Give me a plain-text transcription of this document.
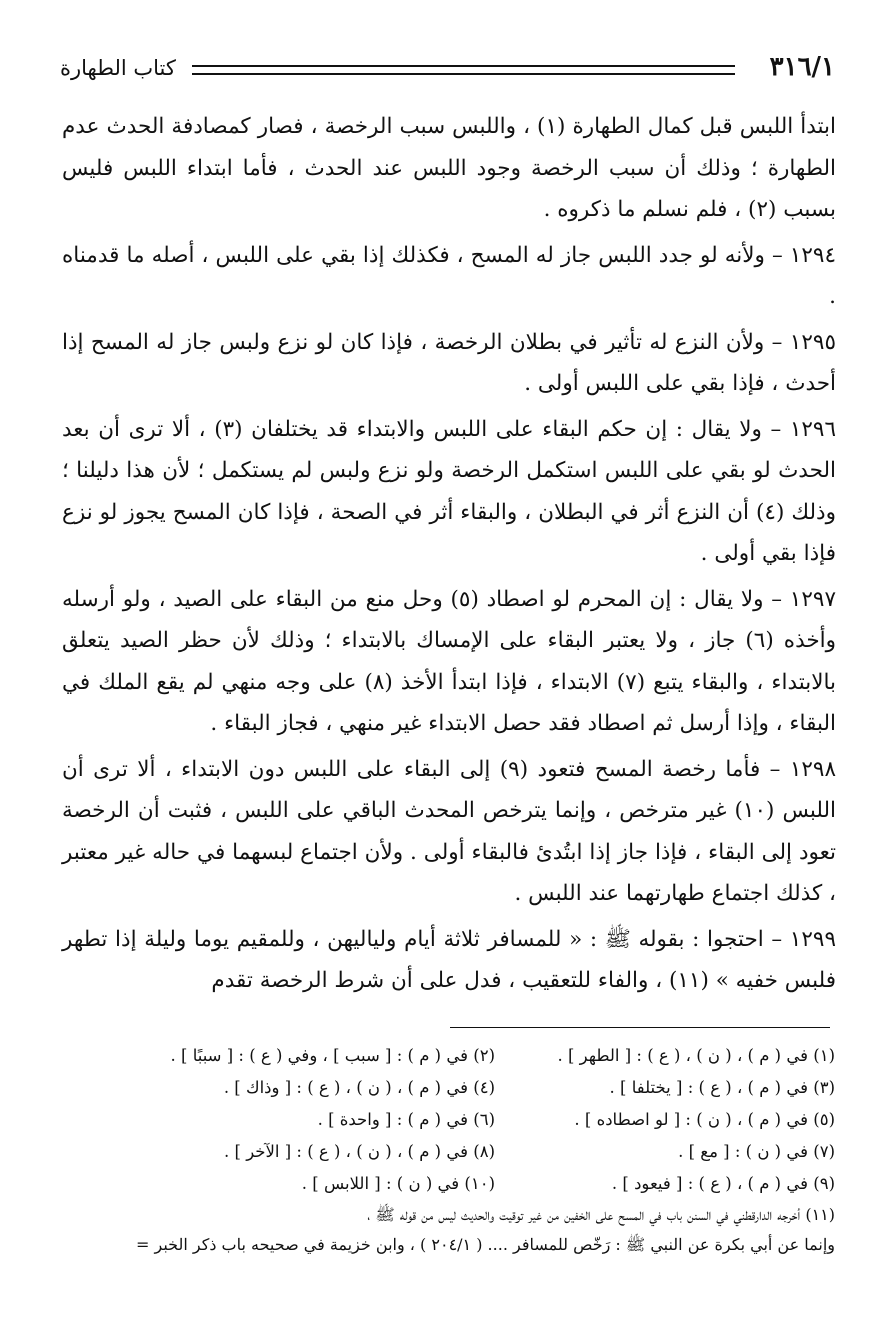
٣١٦/١
كتاب الطهارة

ابتدأ اللبس قبل كمال الطهارة (١) ، واللبس سبب الرخصة ، فصار كمصادفة الحدث عدم الطهارة ؛ وذلك أن سبب الرخصة وجود اللبس عند الحدث ، فأما ابتداء اللبس فليس بسبب (٢) ، فلم نسلم ما ذكروه .

١٢٩٤ – ولأنه لو جدد اللبس جاز له المسح ، فكذلك إذا بقي على اللبس ، أصله ما قدمناه .

١٢٩٥ – ولأن النزع له تأثير في بطلان الرخصة ، فإذا كان لو نزع ولبس جاز له المسح إذا أحدث ، فإذا بقي على اللبس أولى .

١٢٩٦ – ولا يقال : إن حكم البقاء على اللبس والابتداء قد يختلفان (٣) ، ألا ترى أن بعد الحدث لو بقي على اللبس استكمل الرخصة ولو نزع ولبس لم يستكمل ؛ لأن هذا دليلنا ؛ وذلك (٤) أن النزع أثر في البطلان ، والبقاء أثر في الصحة ، فإذا كان المسح يجوز لو نزع فإذا بقي أولى .

١٢٩٧ – ولا يقال : إن المحرم لو اصطاد (٥) وحل منع من البقاء على الصيد ، ولو أرسله وأخذه (٦) جاز ، ولا يعتبر البقاء على الإمساك بالابتداء ؛ وذلك لأن حظر الصيد يتعلق بالابتداء ، والبقاء يتبع (٧) الابتداء ، فإذا ابتدأ الأخذ (٨) على وجه منهي لم يقع الملك في البقاء ، وإذا أرسل ثم اصطاد فقد حصل الابتداء غير منهي ، فجاز البقاء .

١٢٩٨ – فأما رخصة المسح فتعود (٩) إلى البقاء على اللبس دون الابتداء ، ألا ترى أن اللبس (١٠) غير مترخص ، وإنما يترخص المحدث الباقي على اللبس ، فثبت أن الرخصة تعود إلى البقاء ، فإذا جاز إذا ابتُدئ فالبقاء أولى . ولأن اجتماع لبسهما في حاله غير معتبر ، كذلك اجتماع طهارتهما عند اللبس .

١٢٩٩ – احتجوا : بقوله ﷺ : « للمسافر ثلاثة أيام ولياليهن ، وللمقيم يوما وليلة إذا تطهر فلبس خفيه » (١١) ، والفاء للتعقيب ، فدل على أن شرط الرخصة تقدم

(١) في ( م ) ، ( ن ) ، ( ع ) : [ الطهر ] .
(٢) في ( م ) : [ سبب ] ، وفي ( ع ) : [ سببًا ] .
(٣) في ( م ) ، ( ع ) : [ يختلفا ] .
(٤) في ( م ) ، ( ن ) ، ( ع ) : [ وذاك ] .
(٥) في ( م ) ، ( ن ) : [ لو اصطاده ] .
(٦) في ( م ) : [ واحدة ] .
(٧) في ( ن ) : [ مع ] .
(٨) في ( م ) ، ( ن ) ، ( ع ) : [ الآخر ] .
(٩) في ( م ) ، ( ع ) : [ فيعود ] .
(١٠) في ( ن ) : [ اللابس ] .
(١١) أخرجه الدارقطني في السنن باب في المسح على الخفين من غير توقيت والحديث ليس من قوله ﷺ ،
وإنما عن أبي بكرة عن النبي ﷺ : رَخّص للمسافر .... ( ٢٠٤/١ ) ، وابن خزيمة في صحيحه باب ذكر الخبر =
